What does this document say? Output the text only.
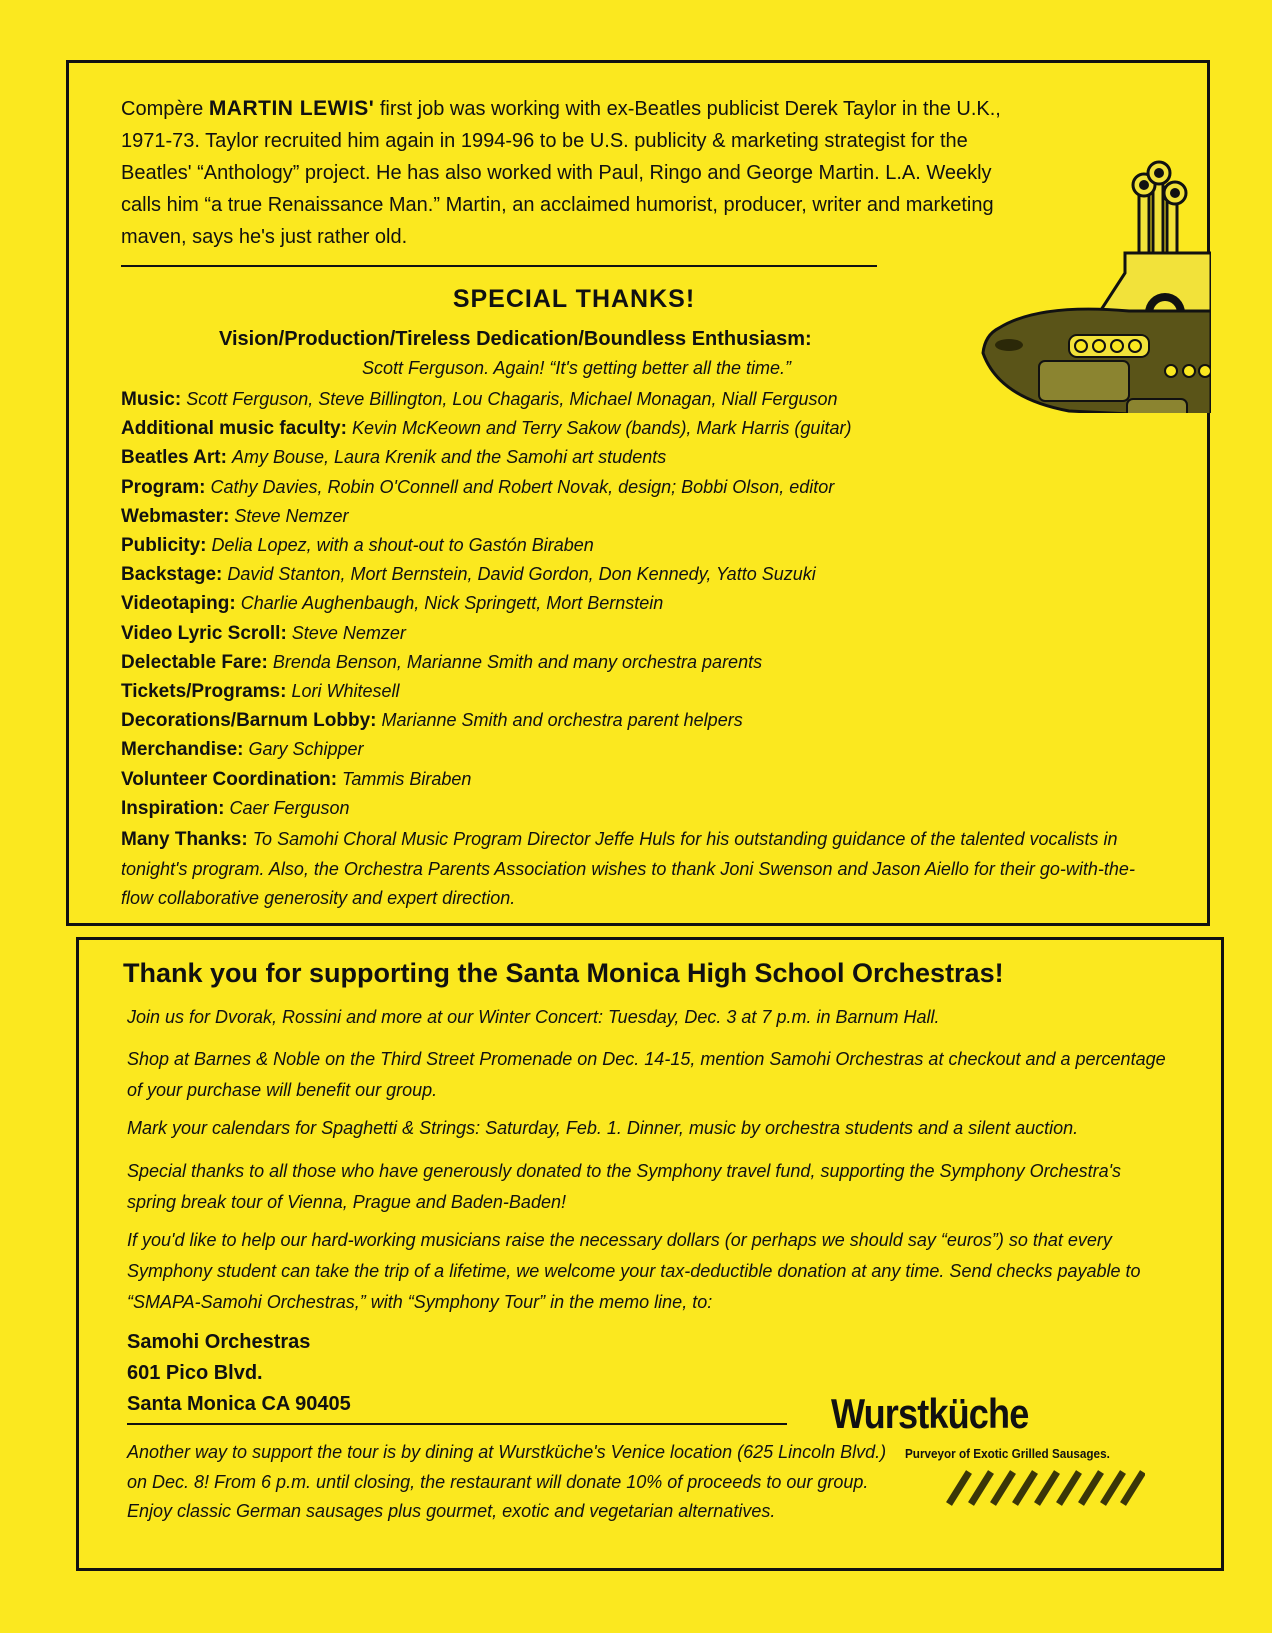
Compère MARTIN LEWIS' first job was working with ex-Beatles publicist Derek Taylor in the U.K., 1971-73. Taylor recruited him again in 1994-96 to be U.S. publicity & marketing strategist for the Beatles' “Anthology” project. He has also worked with Paul, Ringo and George Martin. L.A. Weekly calls him “a true Renaissance Man.” Martin, an acclaimed humorist, producer, writer and marketing maven, says he's just rather old.
SPECIAL THANKS!
Vision/Production/Tireless Dedication/Boundless Enthusiasm:
Scott Ferguson. Again! “It's getting better all the time.”
Music: Scott Ferguson, Steve Billington, Lou Chagaris, Michael Monagan, Niall Ferguson
Additional music faculty: Kevin McKeown and Terry Sakow (bands), Mark Harris (guitar)
Beatles Art: Amy Bouse, Laura Krenik and the Samohi art students
Program: Cathy Davies, Robin O'Connell and Robert Novak, design; Bobbi Olson, editor
Webmaster: Steve Nemzer
Publicity: Delia Lopez, with a shout-out to Gastón Biraben
Backstage: David Stanton, Mort Bernstein, David Gordon, Don Kennedy, Yatto Suzuki
Videotaping: Charlie Aughenbaugh, Nick Springett, Mort Bernstein
Video Lyric Scroll: Steve Nemzer
Delectable Fare: Brenda Benson, Marianne Smith and many orchestra parents
Tickets/Programs: Lori Whitesell
Decorations/Barnum Lobby: Marianne Smith and orchestra parent helpers
Merchandise: Gary Schipper
Volunteer Coordination: Tammis Biraben
Inspiration: Caer Ferguson
Many Thanks: To Samohi Choral Music Program Director Jeffe Huls for his outstanding guidance of the talented vocalists in tonight's program. Also, the Orchestra Parents Association wishes to thank Joni Swenson and Jason Aiello for their go-with-the-flow collaborative generosity and expert direction.
Thank you for supporting the Santa Monica High School Orchestras!
Join us for Dvorak, Rossini and more at our Winter Concert: Tuesday, Dec. 3 at 7 p.m. in Barnum Hall.
Shop at Barnes & Noble on the Third Street Promenade on Dec. 14-15, mention Samohi Orchestras at checkout and a percentage of your purchase will benefit our group.
Mark your calendars for Spaghetti & Strings: Saturday, Feb. 1. Dinner, music by orchestra students and a silent auction.
Special thanks to all those who have generously donated to the Symphony travel fund, supporting the Symphony Orchestra's spring break tour of Vienna, Prague and Baden-Baden!
If you'd like to help our hard-working musicians raise the necessary dollars (or perhaps we should say “euros”) so that every Symphony student can take the trip of a lifetime, we welcome your tax-deductible donation at any time. Send checks payable to “SMAPA-Samohi Orchestras,” with “Symphony Tour” in the memo line, to:
Samohi Orchestras
601 Pico Blvd.
Santa Monica CA 90405
Another way to support the tour is by dining at Wurstküche's Venice location (625 Lincoln Blvd.) on Dec. 8! From 6 p.m. until closing, the restaurant will donate 10% of proceeds to our group. Enjoy classic German sausages plus gourmet, exotic and vegetarian alternatives.
Wurstküche
Purveyor of Exotic Grilled Sausages.
